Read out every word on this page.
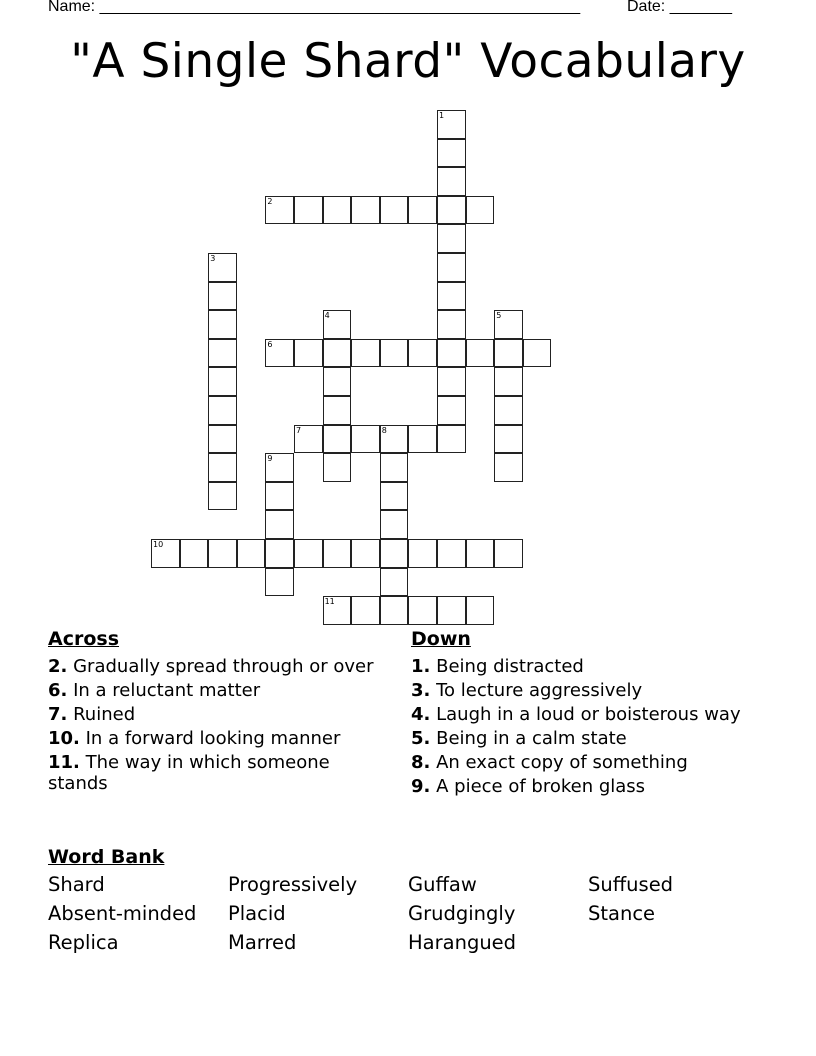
Name: ______________________________________________________	Date: _______
"A Single Shard" Vocabulary
1
2
3
4	5
6
7	8
9
10
11
Across
2. Gradually spread through or over
6. In a reluctant matter
7. Ruined
10. In a forward looking manner
11. The way in which someone stands
Down
1. Being distracted
3. To lecture aggressively
4. Laugh in a loud or boisterous way
5. Being in a calm state
8. An exact copy of something
9. A piece of broken glass
Word Bank
Shard	Progressively	Guffaw	Suffused
Absent-minded	Placid	Grudgingly	Stance
Replica	Marred	Harangued
